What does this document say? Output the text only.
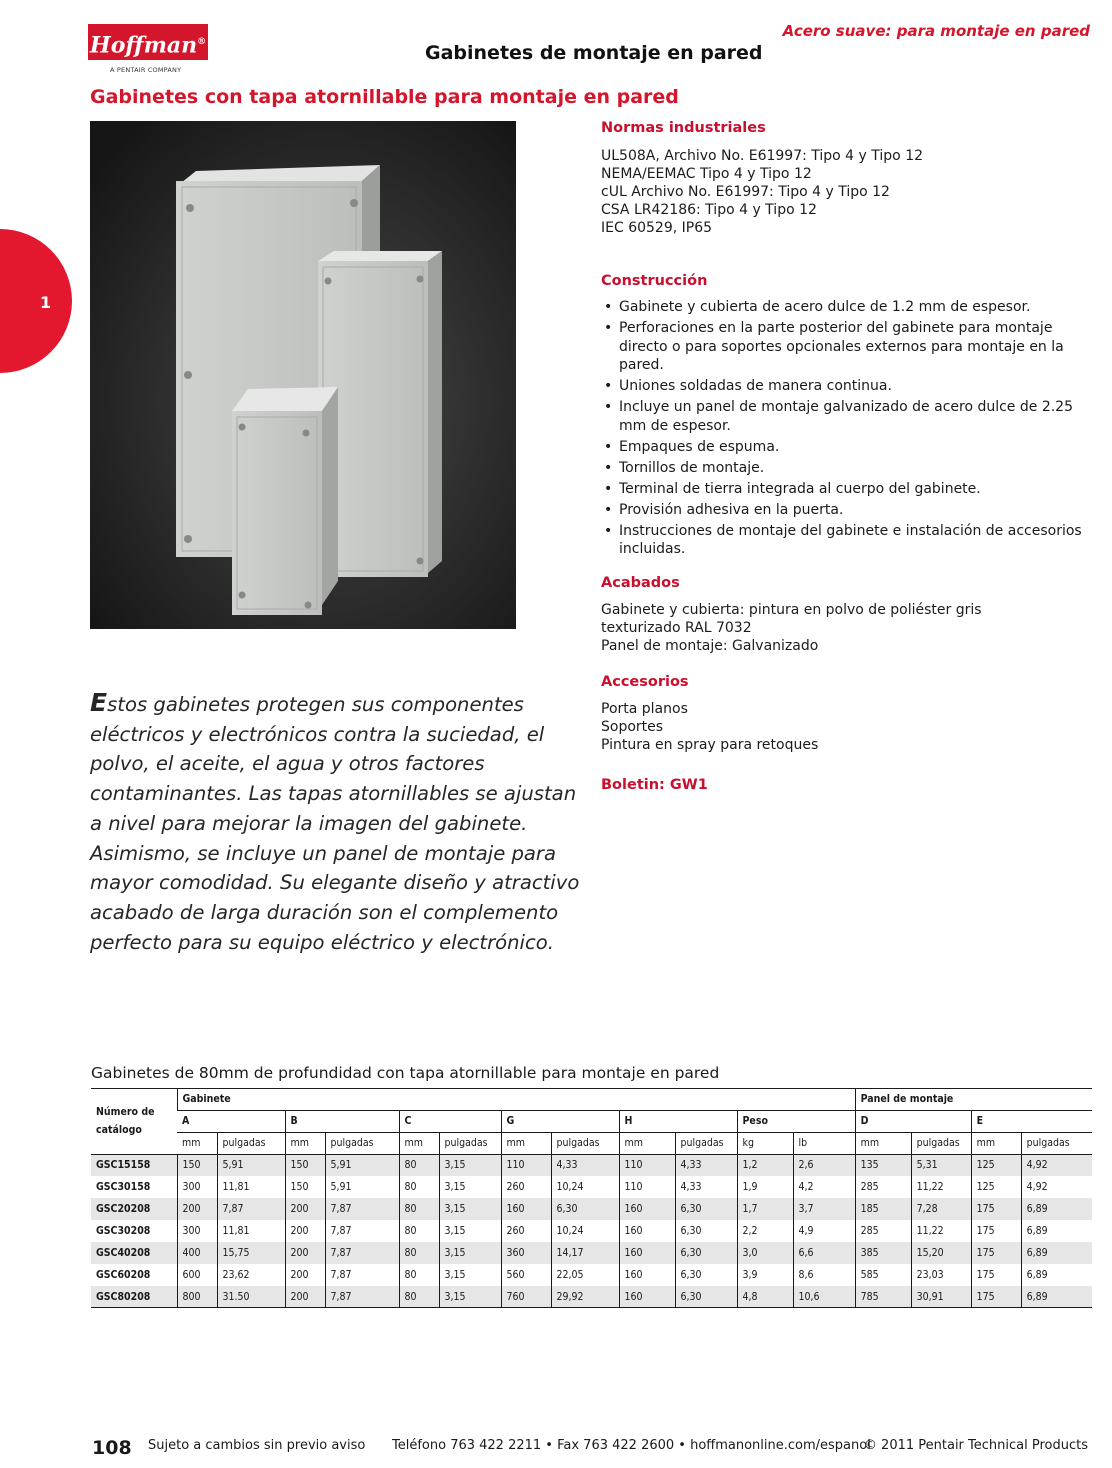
Hoffman®
A PENTAIR COMPANY
Acero suave: para montaje en pared
Gabinetes de montaje en pared
Gabinetes con tapa atornillable para montaje en pared
1
Normas industriales
UL508A, Archivo No. E61997: Tipo 4 y Tipo 12
NEMA/EEMAC Tipo 4 y Tipo 12
cUL Archivo No. E61997: Tipo 4 y Tipo 12
CSA LR42186: Tipo 4 y Tipo 12
IEC 60529, IP65
Construcción
• Gabinete y cubierta de acero dulce de 1.2 mm de espesor.
• Perforaciones en la parte posterior del gabinete para montaje directo o para soportes opcionales externos para montaje en la pared.
• Uniones soldadas de manera continua.
• Incluye un panel de montaje galvanizado de acero dulce de 2.25 mm de espesor.
• Empaques de espuma.
• Tornillos de montaje.
• Terminal de tierra integrada al cuerpo del gabinete.
• Provisión adhesiva en la puerta.
• Instrucciones de montaje del gabinete e instalación de accesorios incluidas.
Acabados
Gabinete y cubierta: pintura en polvo de poliéster gris texturizado RAL 7032
Panel de montaje: Galvanizado
Accesorios
Porta planos
Soportes
Pintura en spray para retoques
Boletin: GW1
Estos gabinetes protegen sus componentes eléctricos y electrónicos contra la suciedad, el polvo, el aceite, el agua y otros factores contaminantes. Las tapas atornillables se ajustan a nivel para mejorar la imagen del gabinete. Asimismo, se incluye un panel de montaje para mayor comodidad. Su elegante diseño y atractivo acabado de larga duración son el complemento perfecto para su equipo eléctrico y electrónico.
Gabinetes de 80mm de profundidad con tapa atornillable para montaje en pared
Número de catálogo	Gabinete												Panel de montaje			
	A		B		C		G		H		Peso		D		E	
	mm	pulgadas	mm	pulgadas	mm	pulgadas	mm	pulgadas	mm	pulgadas	kg	lb	mm	pulgadas	mm	pulgadas
GSC15158	150	5,91	150	5,91	80	3,15	110	4,33	110	4,33	1,2	2,6	135	5,31	125	4,92
GSC30158	300	11,81	150	5,91	80	3,15	260	10,24	110	4,33	1,9	4,2	285	11,22	125	4,92
GSC20208	200	7,87	200	7,87	80	3,15	160	6,30	160	6,30	1,7	3,7	185	7,28	175	6,89
GSC30208	300	11,81	200	7,87	80	3,15	260	10,24	160	6,30	2,2	4,9	285	11,22	175	6,89
GSC40208	400	15,75	200	7,87	80	3,15	360	14,17	160	6,30	3,0	6,6	385	15,20	175	6,89
GSC60208	600	23,62	200	7,87	80	3,15	560	22,05	160	6,30	3,9	8,6	585	23,03	175	6,89
GSC80208	800	31.50	200	7,87	80	3,15	760	29,92	160	6,30	4,8	10,6	785	30,91	175	6,89
108 Sujeto a cambios sin previo aviso Teléfono 763 422 2211 • Fax 763 422 2600 • hoffmanonline.com/espanol
© 2011 Pentair Technical Products
